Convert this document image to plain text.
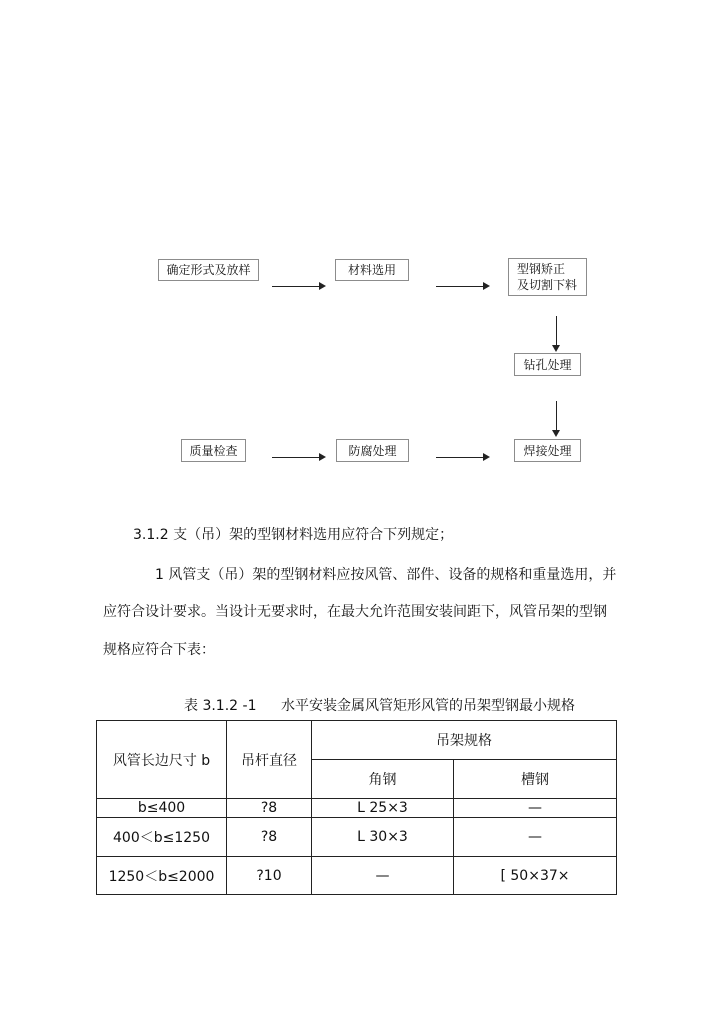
确定形式及放样	材料选用	型钢矫正
及切割下料
钻孔处理
焊接处理
防腐处理
质量检查
3.1.2 支（吊）架的型钢材料选用应符合下列规定；
1 风管支（吊）架的型钢材料应按风管、部件、设备的规格和重量选用，并
应符合设计要求。当设计无要求时，在最大允许范围安装间距下，风管吊架的型钢
规格应符合下表：
表 3.1.2 -1 水平安装金属风管矩形风管的吊架型钢最小规格
风管长边尺寸 b	吊杆直径	吊架规格	
		角钢	槽钢
b≤400	?8	L 25×3	—
400＜b≤1250	?8	L 30×3	—
1250＜b≤2000	?10	—	[ 50×37×
